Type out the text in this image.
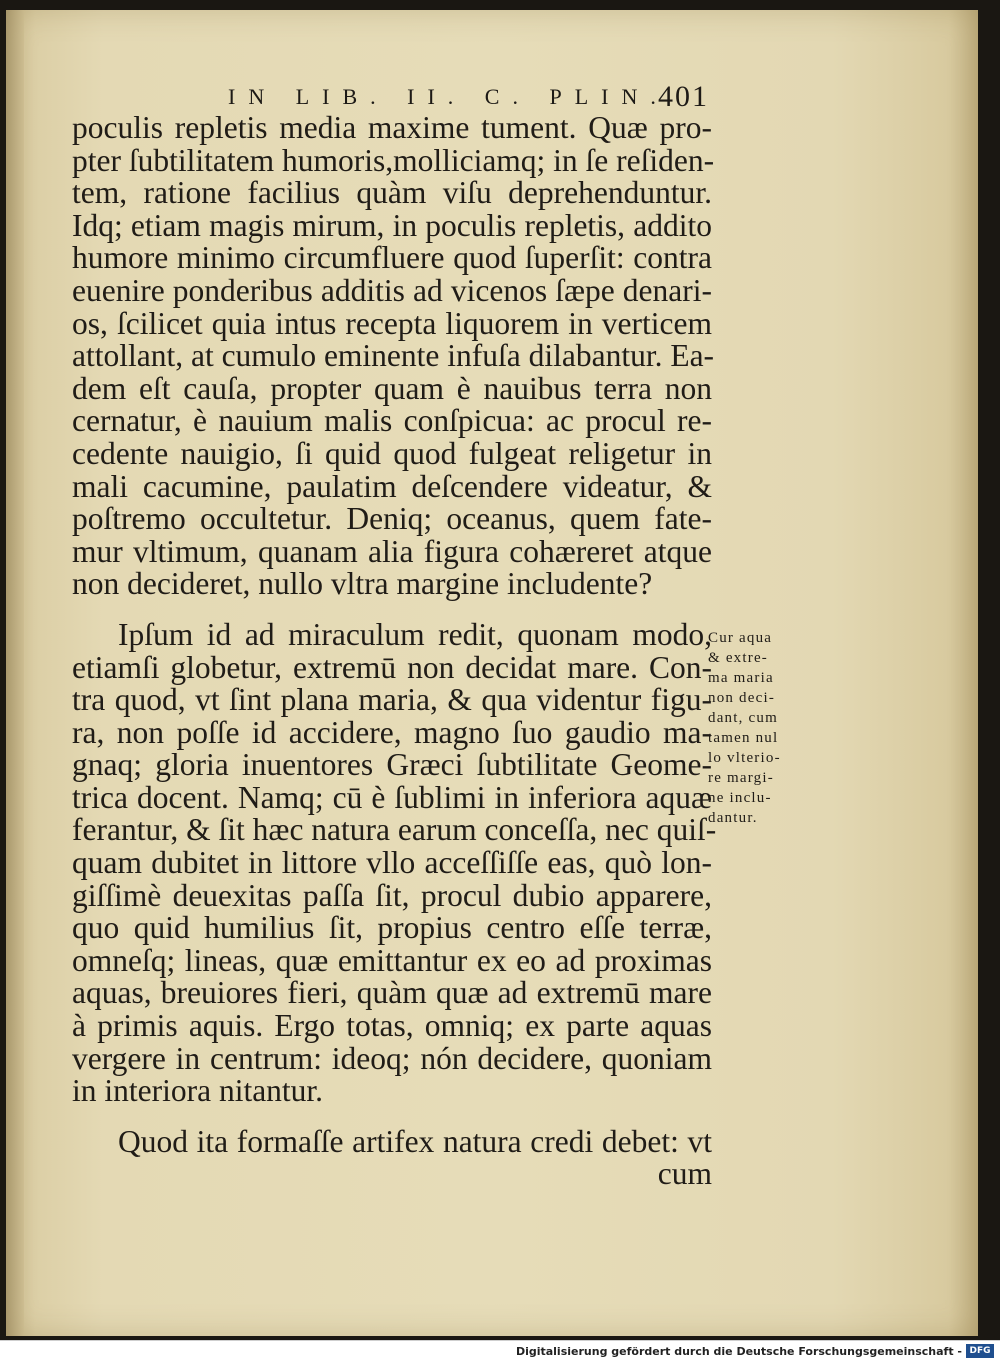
IN LIB. II. C. PLIN.
401
poculis repletis media maxime tument. Quæ pro-
pter ſubtilitatem humoris,molliciamq; in ſe reſiden-
tem, ratione facilius quàm viſu deprehenduntur.
Idq; etiam magis mirum, in poculis repletis, addito
humore minimo circumfluere quod ſuperſit: contra
euenire ponderibus additis ad vicenos ſæpe denari-
os, ſcilicet quia intus recepta liquorem in verticem
attollant, at cumulo eminente infuſa dilabantur. Ea-
dem eſt cauſa, propter quam è nauibus terra non
cernatur, è nauium malis conſpicua: ac procul re-
cedente nauigio, ſi quid quod fulgeat religetur in
mali cacumine, paulatim deſcendere videatur, &
poſtremo occultetur. Deniq; oceanus, quem fate-
mur vltimum, quanam alia figura cohæreret atque
non decideret, nullo vltra margine includente?
Ipſum id ad miraculum redit, quonam modo,
etiamſi globetur, extremū non decidat mare. Con-
tra quod, vt ſint plana maria, & qua videntur figu-
ra, non poſſe id accidere, magno ſuo gaudio ma-
gnaq; gloria inuentores Græci ſubtilitate Geome-
trica docent. Namq; cū è ſublimi in inferiora aquæ
ferantur, & ſit hæc natura earum conceſſa, nec quiſ-
quam dubitet in littore vllo acceſſiſſe eas, quò lon-
giſſimè deuexitas paſſa ſit, procul dubio apparere,
quo quid humilius ſit, propius centro eſſe terræ,
omneſq; lineas, quæ emittantur ex eo ad proximas
aquas, breuiores fieri, quàm quæ ad extremū mare
à primis aquis. Ergo totas, omniq; ex parte aquas
vergere in centrum: ideoq; nón decidere, quoniam
in interiora nitantur.
Quod ita formaſſe artifex natura credi debet: vt
cum
Cur aqua
& extre-
ma maria
non deci-
dant, cum
tamen nul
lo vlterio-
re margi-
ne inclu-
dantur.
Digitalisierung gefördert durch die Deutsche Forschungsgemeinschaft - DFG
